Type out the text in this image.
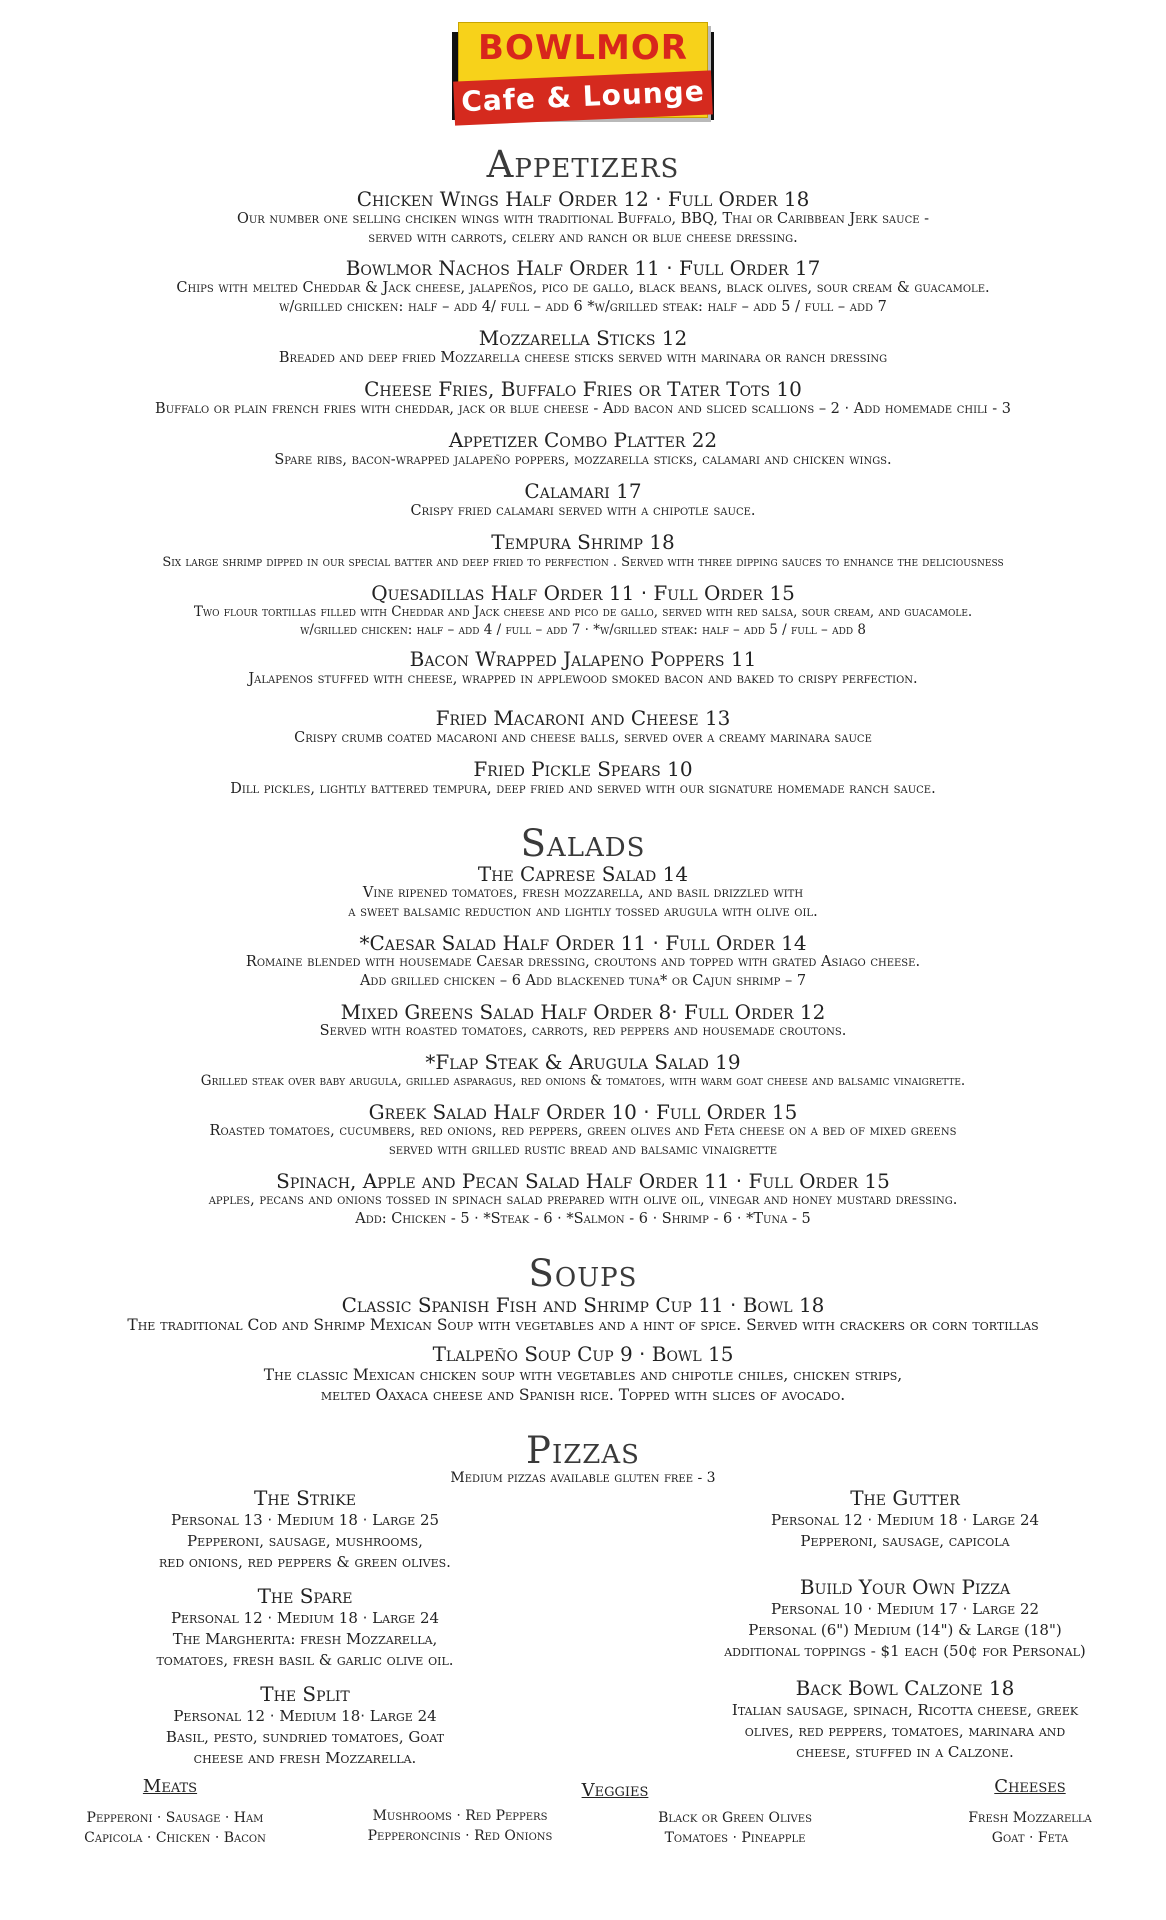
BOWLMOR
Cafe & Lounge
Appetizers
Chicken Wings Half Order 12 ‧ Full Order 18
Our number one selling chciken wings with traditional Buffalo, BBQ, Thai or Caribbean Jerk sauce -
served with carrots, celery and ranch or blue cheese dressing.
Bowlmor Nachos Half Order 11 ‧ Full Order 17
Chips with melted Cheddar & Jack cheese, jalapeños, pico de gallo, black beans, black olives, sour cream & guacamole.
w/grilled chicken: half – add 4/ full – add 6 *w/grilled steak: half – add 5 / full – add 7
Mozzarella Sticks 12
Breaded and deep fried Mozzarella cheese sticks served with marinara or ranch dressing
Cheese Fries, Buffalo Fries or Tater Tots 10
Buffalo or plain french fries with cheddar, jack or blue cheese - Add bacon and sliced scallions – 2 ‧ Add homemade chili - 3
Appetizer Combo Platter 22
Spare ribs, bacon-wrapped jalapeño poppers, mozzarella sticks, calamari and chicken wings.
Calamari 17
Crispy fried calamari served with a chipotle sauce.
Tempura Shrimp 18
Six large shrimp dipped in our special batter and deep fried to perfection . Served with three dipping sauces to enhance the deliciousness
Quesadillas Half Order 11 ‧ Full Order 15
Two flour tortillas filled with Cheddar and Jack cheese and pico de gallo, served with red salsa, sour cream, and guacamole.
w/grilled chicken: half – add 4 / full – add 7 ‧ *w/grilled steak: half – add 5 / full – add 8
Bacon Wrapped Jalapeno Poppers 11
Jalapenos stuffed with cheese, wrapped in applewood smoked bacon and baked to crispy perfection.
Fried Macaroni and Cheese 13
Crispy crumb coated macaroni and cheese balls, served over a creamy marinara sauce
Fried Pickle Spears 10
Dill pickles, lightly battered tempura, deep fried and served with our signature homemade ranch sauce.
Salads
The Caprese Salad 14
Vine ripened tomatoes, fresh mozzarella, and basil drizzled with
a sweet balsamic reduction and lightly tossed arugula with olive oil.
*Caesar Salad Half Order 11 ‧ Full Order 14
Romaine blended with housemade Caesar dressing, croutons and topped with grated Asiago cheese.
Add grilled chicken – 6 Add blackened tuna* or Cajun shrimp – 7
Mixed Greens Salad Half Order 8‧ Full Order 12
Served with roasted tomatoes, carrots, red peppers and housemade croutons.
*Flap Steak & Arugula Salad 19
Grilled steak over baby arugula, grilled asparagus, red onions & tomatoes, with warm goat cheese and balsamic vinaigrette.
Greek Salad Half Order 10 ‧ Full Order 15
Roasted tomatoes, cucumbers, red onions, red peppers, green olives and Feta cheese on a bed of mixed greens
served with grilled rustic bread and balsamic vinaigrette
Spinach, Apple and Pecan Salad Half Order 11 ‧ Full Order 15
apples, pecans and onions tossed in spinach salad prepared with olive oil, vinegar and honey mustard dressing.
Add: Chicken - 5 ‧ *Steak - 6 ‧ *Salmon - 6 ‧ Shrimp - 6 ‧ *Tuna - 5
Soups
Classic Spanish Fish and Shrimp Cup 11 ‧ Bowl 18
The traditional Cod and Shrimp Mexican Soup with vegetables and a hint of spice. Served with crackers or corn tortillas
Tlalpeño Soup Cup 9 ‧ Bowl 15
The classic Mexican chicken soup with vegetables and chipotle chiles, chicken strips,
melted Oaxaca cheese and Spanish rice. Topped with slices of avocado.
Pizzas
Medium pizzas available gluten free - 3
The Strike
Personal 13 ‧ Medium 18 ‧ Large 25
Pepperoni, sausage, mushrooms,
red onions, red peppers & green olives.
The Spare
Personal 12 ‧ Medium 18 ‧ Large 24
The Margherita: fresh Mozzarella,
tomatoes, fresh basil & garlic olive oil.
The Split
Personal 12 ‧ Medium 18‧ Large 24
Basil, pesto, sundried tomatoes, Goat
cheese and fresh Mozzarella.
The Gutter
Personal 12 ‧ Medium 18 ‧ Large 24
Pepperoni, sausage, capicola
Build Your Own Pizza
Personal 10 ‧ Medium 17 ‧ Large 22
Personal (6") Medium (14") & Large (18")
additional toppings - $1 each (50¢ for Personal)
Back Bowl Calzone 18
Italian sausage, spinach, Ricotta cheese, greek
olives, red peppers, tomatoes, marinara and
cheese, stuffed in a Calzone.
Meats
Pepperoni ‧ Sausage ‧ Ham
Capicola ‧ Chicken ‧ Bacon
Veggies
Mushrooms ‧ Red Peppers
Pepperoncinis ‧ Red Onions
Black or Green Olives
Tomatoes ‧ Pineapple
Cheeses
Fresh Mozzarella
Goat ‧ Feta
